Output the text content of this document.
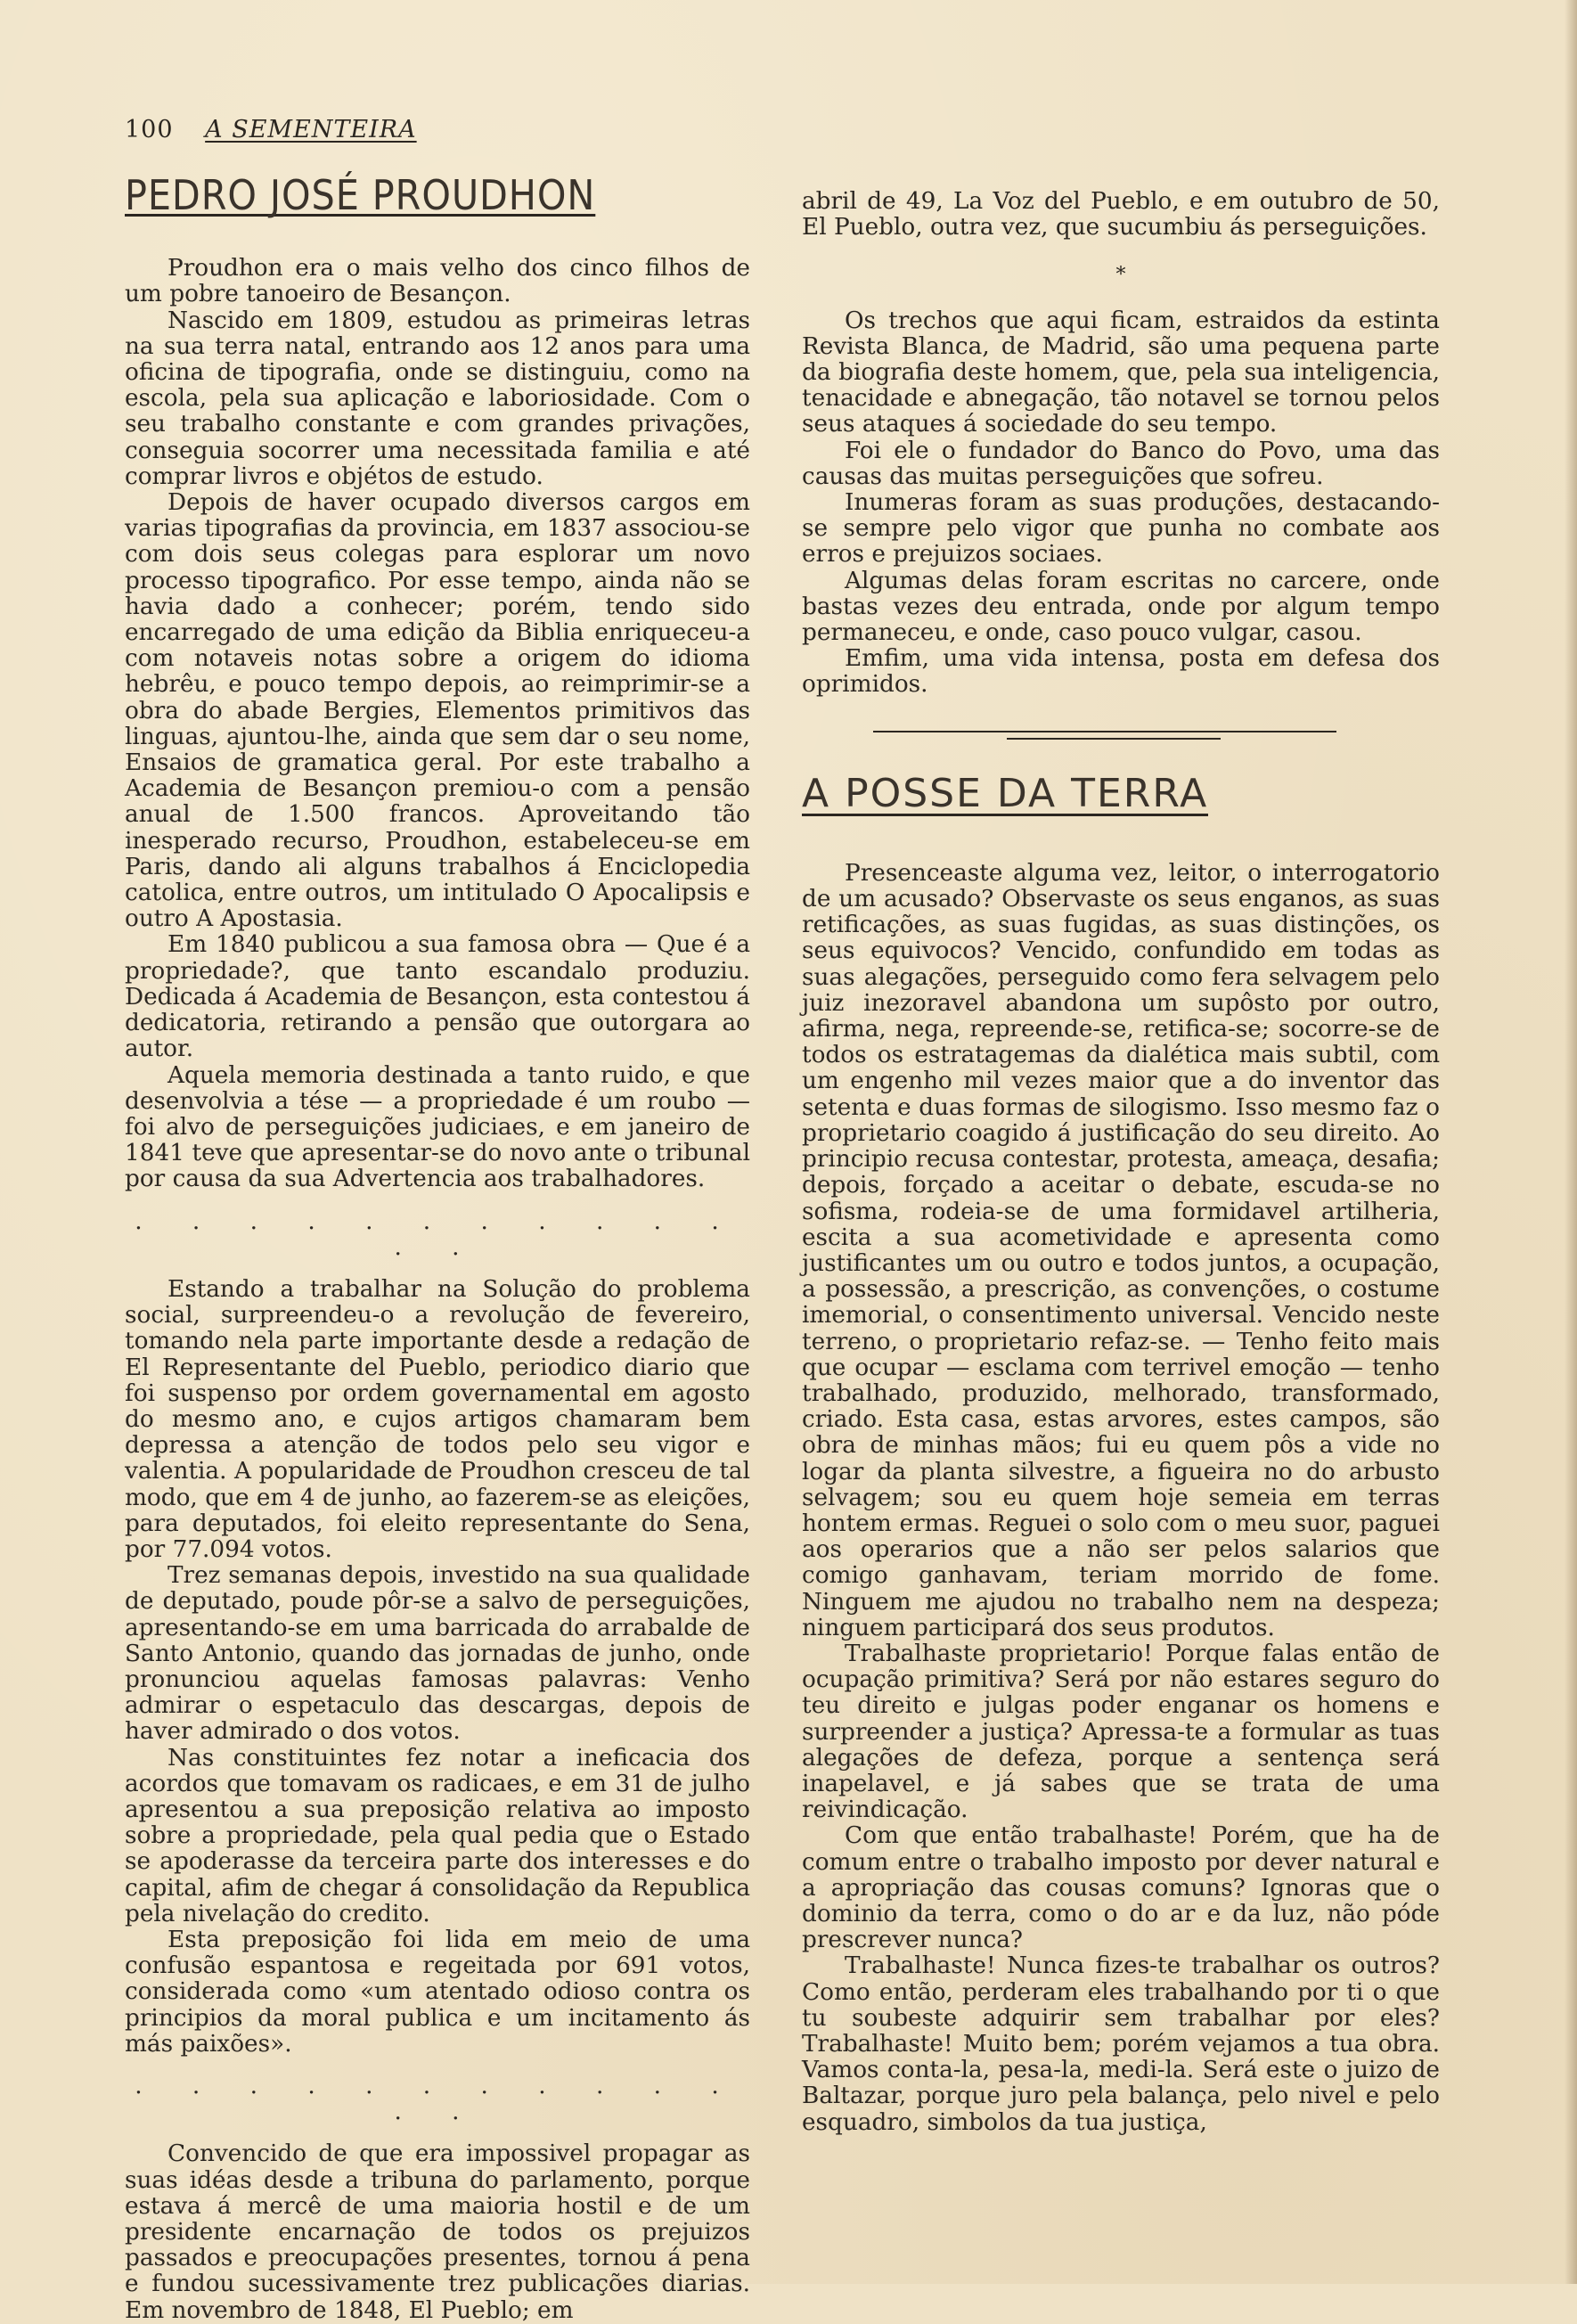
100 A SEMENTEIRA
PEDRO JOSÉ PROUDHON

Proudhon era o mais velho dos cinco filhos de um pobre tanoeiro de Besançon.

Nascido em 1809, estudou as primeiras letras na sua terra natal, entrando aos 12 anos para uma oficina de tipografia, onde se distinguiu, como na escola, pela sua aplicação e laboriosidade. Com o seu trabalho constante e com grandes privações, conseguia socorrer uma necessitada familia e até comprar livros e objétos de estudo.

Depois de haver ocupado diversos cargos em varias tipografias da provincia, em 1837 associou-se com dois seus colegas para esplorar um novo processo tipografico. Por esse tempo, ainda não se havia dado a conhecer; porém, tendo sido encarregado de uma edição da Biblia enriqueceu-a com notaveis notas sobre a origem do idioma hebrêu, e pouco tempo depois, ao reimprimir-se a obra do abade Bergies, Elementos primitivos das linguas, ajuntou-lhe, ainda que sem dar o seu nome, Ensaios de gramatica geral. Por este trabalho a Academia de Besançon premiou-o com a pensão anual de 1.500 francos. Aproveitando tão inesperado recurso, Proudhon, estabeleceu-se em Paris, dando ali alguns trabalhos á Enciclopedia catolica, entre outros, um intitulado O Apocalipsis e outro A Apostasia.

Em 1840 publicou a sua famosa obra — Que é a propriedade?, que tanto escandalo produziu. Dedicada á Academia de Besançon, esta contestou á dedicatoria, retirando a pensão que outorgara ao autor.

Aquela memoria destinada a tanto ruido, e que desenvolvia a tése — a propriedade é um roubo — foi alvo de perseguições judiciaes, e em janeiro de 1841 teve que apresentar-se do novo ante o tribunal por causa da sua Advertencia aos trabalhadores.

. . . . . . . . . . . . .

Estando a trabalhar na Solução do problema social, surpreendeu-o a revolução de fevereiro, tomando nela parte importante desde a redação de El Representante del Pueblo, periodico diario que foi suspenso por ordem governamental em agosto do mesmo ano, e cujos artigos chamaram bem depressa a atenção de todos pelo seu vigor e valentia. A popularidade de Proudhon cresceu de tal modo, que em 4 de junho, ao fazerem-se as eleições, para deputados, foi eleito representante do Sena, por 77.094 votos.

Trez semanas depois, investido na sua qualidade de deputado, poude pôr-se a salvo de perseguições, apresentando-se em uma barricada do arrabalde de Santo Antonio, quando das jornadas de junho, onde pronunciou aquelas famosas palavras: Venho admirar o espetaculo das descargas, depois de haver admirado o dos votos.

Nas constituintes fez notar a ineficacia dos acordos que tomavam os radicaes, e em 31 de julho apresentou a sua preposição relativa ao imposto sobre a propriedade, pela qual pedia que o Estado se apoderasse da terceira parte dos interesses e do capital, afim de chegar á consolidação da Republica pela nivelação do credito.

Esta preposição foi lida em meio de uma confusão espantosa e regeitada por 691 votos, considerada como «um atentado odioso contra os principios da moral publica e um incitamento ás más paixões».

. . . . . . . . . . . . .

Convencido de que era impossivel propagar as suas idéas desde a tribuna do parlamento, porque estava á mercê de uma maioria hostil e de um presidente encarnação de todos os prejuizos passados e preocupações presentes, tornou á pena e fundou sucessivamente trez publicações diarias. Em novembro de 1848, El Pueblo; em

abril de 49, La Voz del Pueblo, e em outubro de 50, El Pueblo, outra vez, que sucumbiu ás perseguições.

*

Os trechos que aqui ficam, estraidos da estinta Revista Blanca, de Madrid, são uma pequena parte da biografia deste homem, que, pela sua inteligencia, tenacidade e abnegação, tão notavel se tornou pelos seus ataques á sociedade do seu tempo.

Foi ele o fundador do Banco do Povo, uma das causas das muitas perseguições que sofreu.

Inumeras foram as suas produções, destacando-se sempre pelo vigor que punha no combate aos erros e prejuizos sociaes.

Algumas delas foram escritas no carcere, onde bastas vezes deu entrada, onde por algum tempo permaneceu, e onde, caso pouco vulgar, casou.

Emfim, uma vida intensa, posta em defesa dos oprimidos.

A POSSE DA TERRA

Presenceaste alguma vez, leitor, o interrogatorio de um acusado? Observaste os seus enganos, as suas retificações, as suas fugidas, as suas distinções, os seus equivocos? Vencido, confundido em todas as suas alegações, perseguido como fera selvagem pelo juiz inezoravel abandona um supôsto por outro, afirma, nega, repreende-se, retifica-se; socorre-se de todos os estratagemas da dialética mais subtil, com um engenho mil vezes maior que a do inventor das setenta e duas formas de silogismo. Isso mesmo faz o proprietario coagido á justificação do seu direito. Ao principio recusa contestar, protesta, ameaça, desafia; depois, forçado a aceitar o debate, escuda-se no sofisma, rodeia-se de uma formidavel artilheria, escita a sua acometividade e apresenta como justificantes um ou outro e todos juntos, a ocupação, a possessão, a prescrição, as convenções, o costume imemorial, o consentimento universal. Vencido neste terreno, o proprietario refaz-se. — Tenho feito mais que ocupar — esclama com terrivel emoção — tenho trabalhado, produzido, melhorado, transformado, criado. Esta casa, estas arvores, estes campos, são obra de minhas mãos; fui eu quem pôs a vide no logar da planta silvestre, a figueira no do arbusto selvagem; sou eu quem hoje semeia em terras hontem ermas. Reguei o solo com o meu suor, paguei aos operarios que a não ser pelos salarios que comigo ganhavam, teriam morrido de fome. Ninguem me ajudou no trabalho nem na despeza; ninguem participará dos seus produtos.

Trabalhaste proprietario! Porque falas então de ocupação primitiva? Será por não estares seguro do teu direito e julgas poder enganar os homens e surpreender a justiça? Apressa-te a formular as tuas alegações de defeza, porque a sentença será inapelavel, e já sabes que se trata de uma reivindicação.

Com que então trabalhaste! Porém, que ha de comum entre o trabalho imposto por dever natural e a apropriação das cousas comuns? Ignoras que o dominio da terra, como o do ar e da luz, não póde prescrever nunca?

Trabalhaste! Nunca fizes-te trabalhar os outros? Como então, perderam eles trabalhando por ti o que tu soubeste adquirir sem trabalhar por eles? Trabalhaste! Muito bem; porém vejamos a tua obra. Vamos conta-la, pesa-la, medi-la. Será este o juizo de Baltazar, porque juro pela balança, pelo nivel e pelo esquadro, simbolos da tua justiça,
